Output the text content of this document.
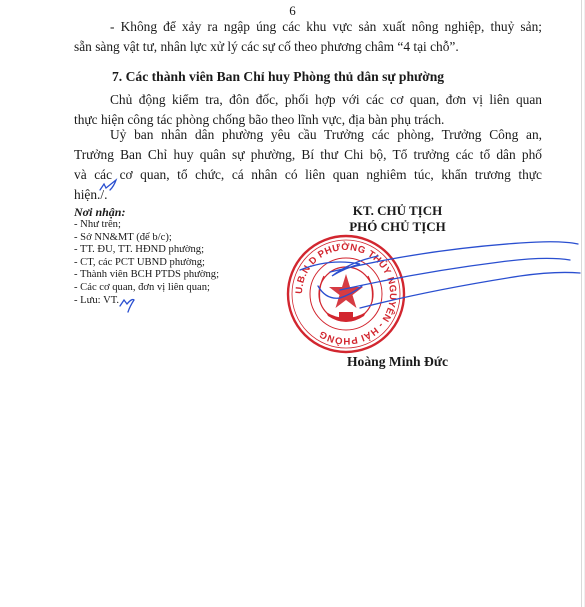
6
- Không để xảy ra ngập úng các khu vực sản xuất nông nghiệp, thuỷ sản;
sẵn sàng vật tư, nhân lực xử lý các sự cố theo phương châm “4 tại chỗ”.
7. Các thành viên Ban Chỉ huy Phòng thủ dân sự phường
Chủ động kiểm tra, đôn đốc, phối hợp với các cơ quan, đơn vị liên quan
thực hiện công tác phòng chống bão theo lĩnh vực, địa bàn phụ trách.
Uỷ ban nhân dân phường yêu cầu Trưởng các phòng, Trưởng Công an,
Trưởng Ban Chỉ huy quân sự phường, Bí thư Chi bộ, Tổ trưởng các tổ dân phố
và các cơ quan, tổ chức, cá nhân có liên quan nghiêm túc, khẩn trương thực
hiện./.
Nơi nhận:
- Như trên;
- Sở NN&MT (để b/c);
- TT. ĐU, TT. HĐND phường;
- CT, các PCT UBND phường;
- Thành viên BCH PTDS phường;
- Các cơ quan, đơn vị liên quan;
- Lưu: VT.
KT. CHỦ TỊCH
PHÓ CHỦ TỊCH
U.B.N.D PHƯỜNG THỦY NGUYÊN - HẢI PHÒNG
Hoàng Minh Đức
